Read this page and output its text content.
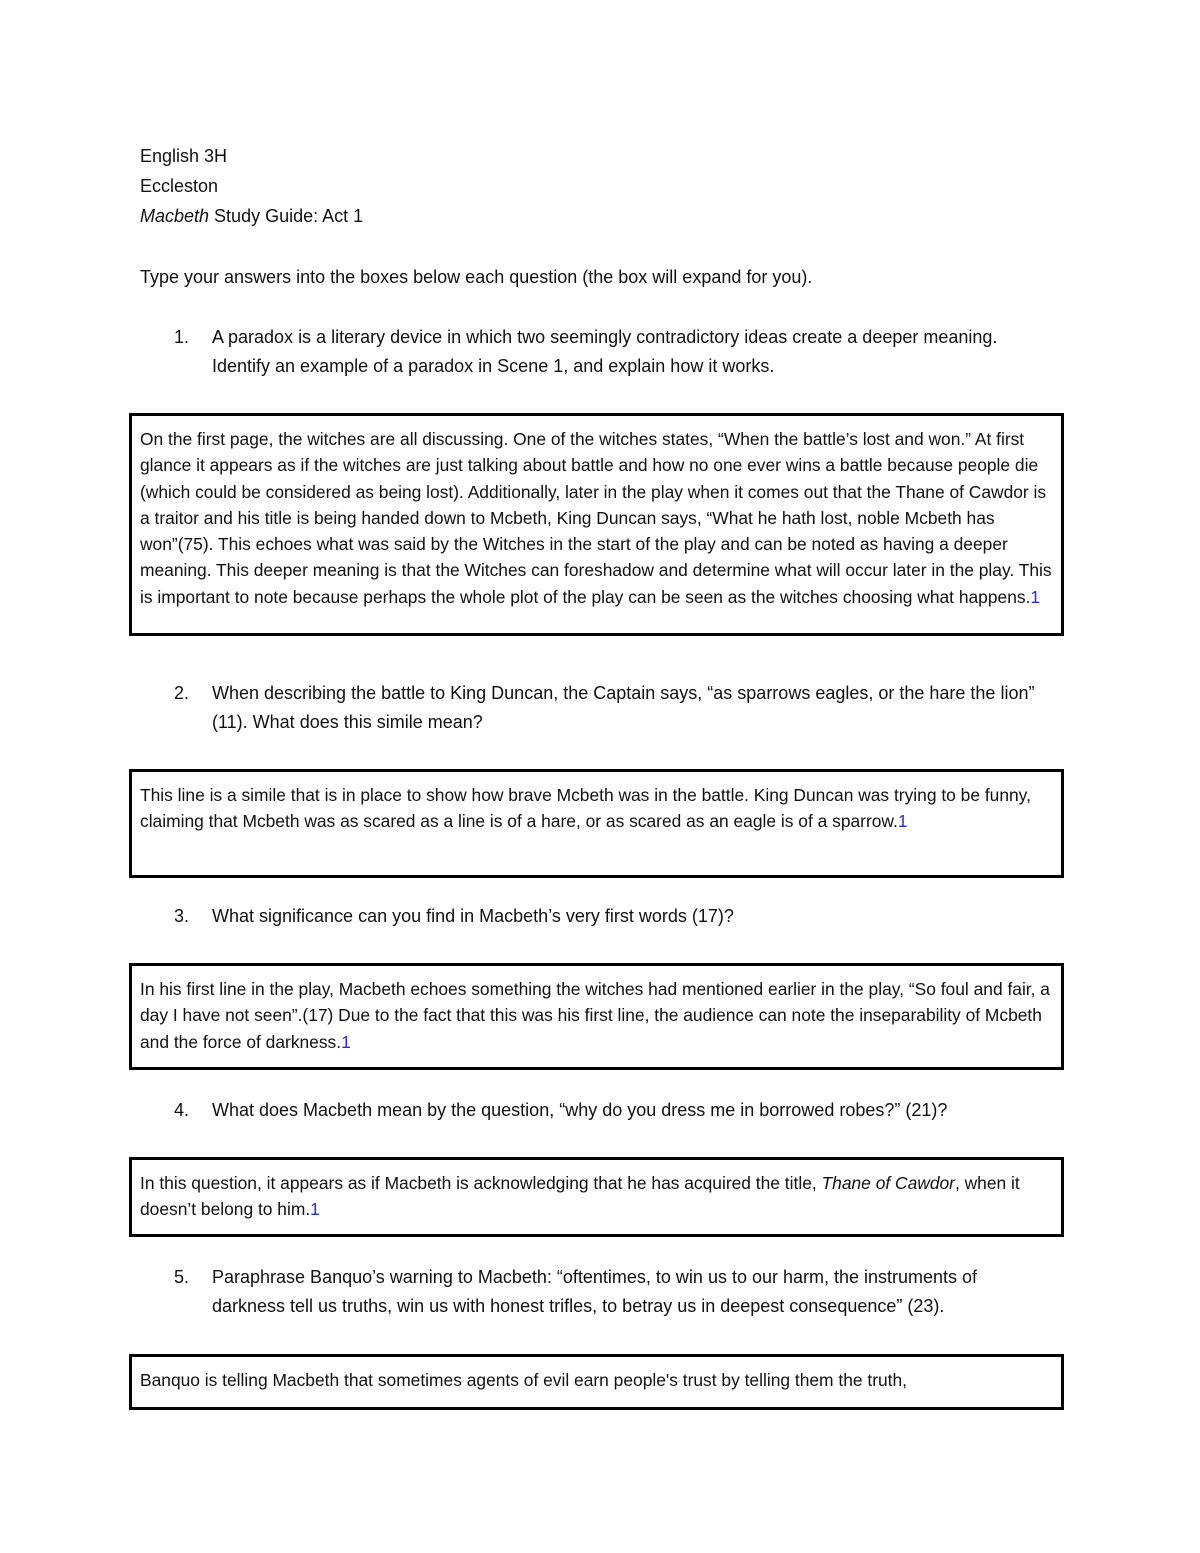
English 3H
Eccleston
Macbeth Study Guide: Act 1
Type your answers into the boxes below each question (the box will expand for you).
1. A paradox is a literary device in which two seemingly contradictory ideas create a deeper meaning. Identify an example of a paradox in Scene 1, and explain how it works.
On the first page, the witches are all discussing. One of the witches states, “When the battle’s lost and won.” At first glance it appears as if the witches are just talking about battle and how no one ever wins a battle because people die (which could be considered as being lost). Additionally, later in the play when it comes out that the Thane of Cawdor is a traitor and his title is being handed down to Mcbeth, King Duncan says, “What he hath lost, noble Mcbeth has won”(75). This echoes what was said by the Witches in the start of the play and can be noted as having a deeper meaning. This deeper meaning is that the Witches can foreshadow and determine what will occur later in the play. This is important to note because perhaps the whole plot of the play can be seen as the witches choosing what happens.1
2. When describing the battle to King Duncan, the Captain says, “as sparrows eagles, or the hare the lion” (11). What does this simile mean?
This line is a simile that is in place to show how brave Mcbeth was in the battle. King Duncan was trying to be funny, claiming that Mcbeth was as scared as a line is of a hare, or as scared as an eagle is of a sparrow.1
3. What significance can you find in Macbeth’s very first words (17)?
In his first line in the play, Macbeth echoes something the witches had mentioned earlier in the play, “So foul and fair, a day I have not seen”.(17) Due to the fact that this was his first line, the audience can note the inseparability of Mcbeth and the force of darkness.1
4. What does Macbeth mean by the question, “why do you dress me in borrowed robes?” (21)?
In this question, it appears as if Macbeth is acknowledging that he has acquired the title, Thane of Cawdor, when it doesn’t belong to him.1
5. Paraphrase Banquo’s warning to Macbeth: “oftentimes, to win us to our harm, the instruments of darkness tell us truths, win us with honest trifles, to betray us in deepest consequence” (23).
Banquo is telling Macbeth that sometimes agents of evil earn people's trust by telling them the truth,
